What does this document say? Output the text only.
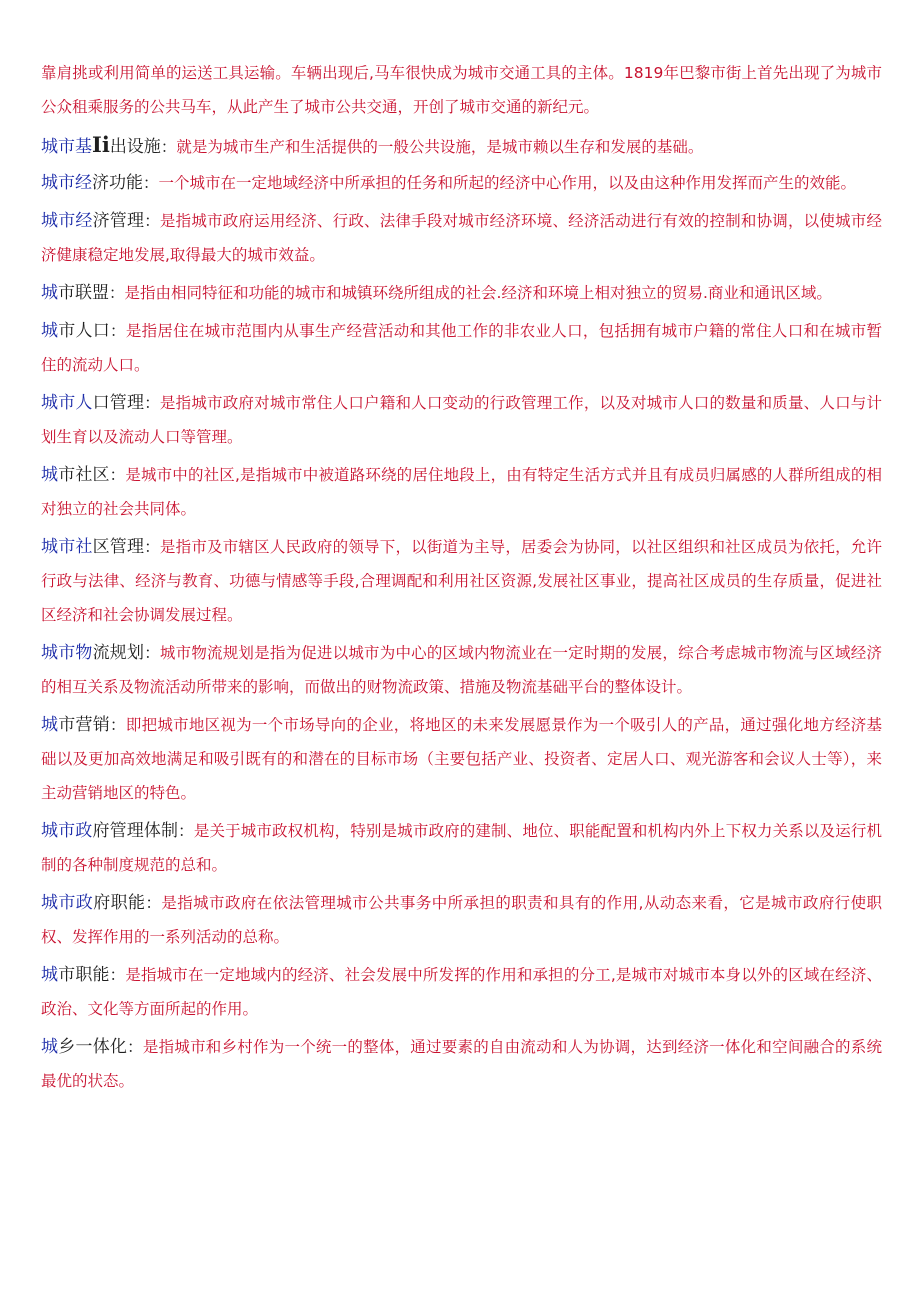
靠肩挑或利用简单的运送工具运输。车辆出现后,马车很快成为城市交通工具的主体。1819年巴黎市街上首先出现了为城市公众租乘服务的公共马车，从此产生了城市公共交通，开创了城市交通的新纪元。

城市基Ii出设施：就是为城市生产和生活提供的一般公共设施，是城市赖以生存和发展的基础。

城市经济功能：一个城市在一定地域经济中所承担的任务和所起的经济中心作用，以及由这种作用发挥而产生的效能。

城市经济管理：是指城市政府运用经济、行政、法律手段对城市经济环境、经济活动进行有效的控制和协调，以使城市经济健康稳定地发展,取得最大的城市效益。

城市联盟：是指由相同特征和功能的城市和城镇环绕所组成的社会.经济和环境上相对独立的贸易.商业和通讯区域。

城市人口：是指居住在城市范围内从事生产经营活动和其他工作的非农业人口，包括拥有城市户籍的常住人口和在城市暂住的流动人口。

城市人口管理：是指城市政府对城市常住人口户籍和人口变动的行政管理工作，以及对城市人口的数量和质量、人口与计划生育以及流动人口等管理。

城市社区：是城市中的社区,是指城市中被道路环绕的居住地段上，由有特定生活方式并且有成员归属感的人群所组成的相对独立的社会共同体。

城市社区管理：是指市及市辖区人民政府的领导下，以街道为主导，居委会为协同，以社区组织和社区成员为依托，允许行政与法律、经济与教育、功德与情感等手段,合理调配和利用社区资源,发展社区事业，提高社区成员的生存质量，促进社区经济和社会协调发展过程。

城市物流规划：城市物流规划是指为促进以城市为中心的区域内物流业在一定时期的发展，综合考虑城市物流与区域经济的相互关系及物流活动所带来的影响，而做出的财物流政策、措施及物流基础平台的整体设计。

城市营销：即把城市地区视为一个市场导向的企业，将地区的未来发展愿景作为一个吸引人的产品，通过强化地方经济基础以及更加高效地满足和吸引既有的和潜在的目标市场（主要包括产业、投资者、定居人口、观光游客和会议人士等），来主动营销地区的特色。

城市政府管理体制：是关于城市政权机构，特别是城市政府的建制、地位、职能配置和机构内外上下权力关系以及运行机制的各种制度规范的总和。

城市政府职能：是指城市政府在依法管理城市公共事务中所承担的职责和具有的作用,从动态来看，它是城市政府行使职权、发挥作用的一系列活动的总称。

城市职能：是指城市在一定地域内的经济、社会发展中所发挥的作用和承担的分工,是城市对城市本身以外的区域在经济、政治、文化等方面所起的作用。

城乡一体化：是指城市和乡村作为一个统一的整体，通过要素的自由流动和人为协调，达到经济一体化和空间融合的系统最优的状态。
